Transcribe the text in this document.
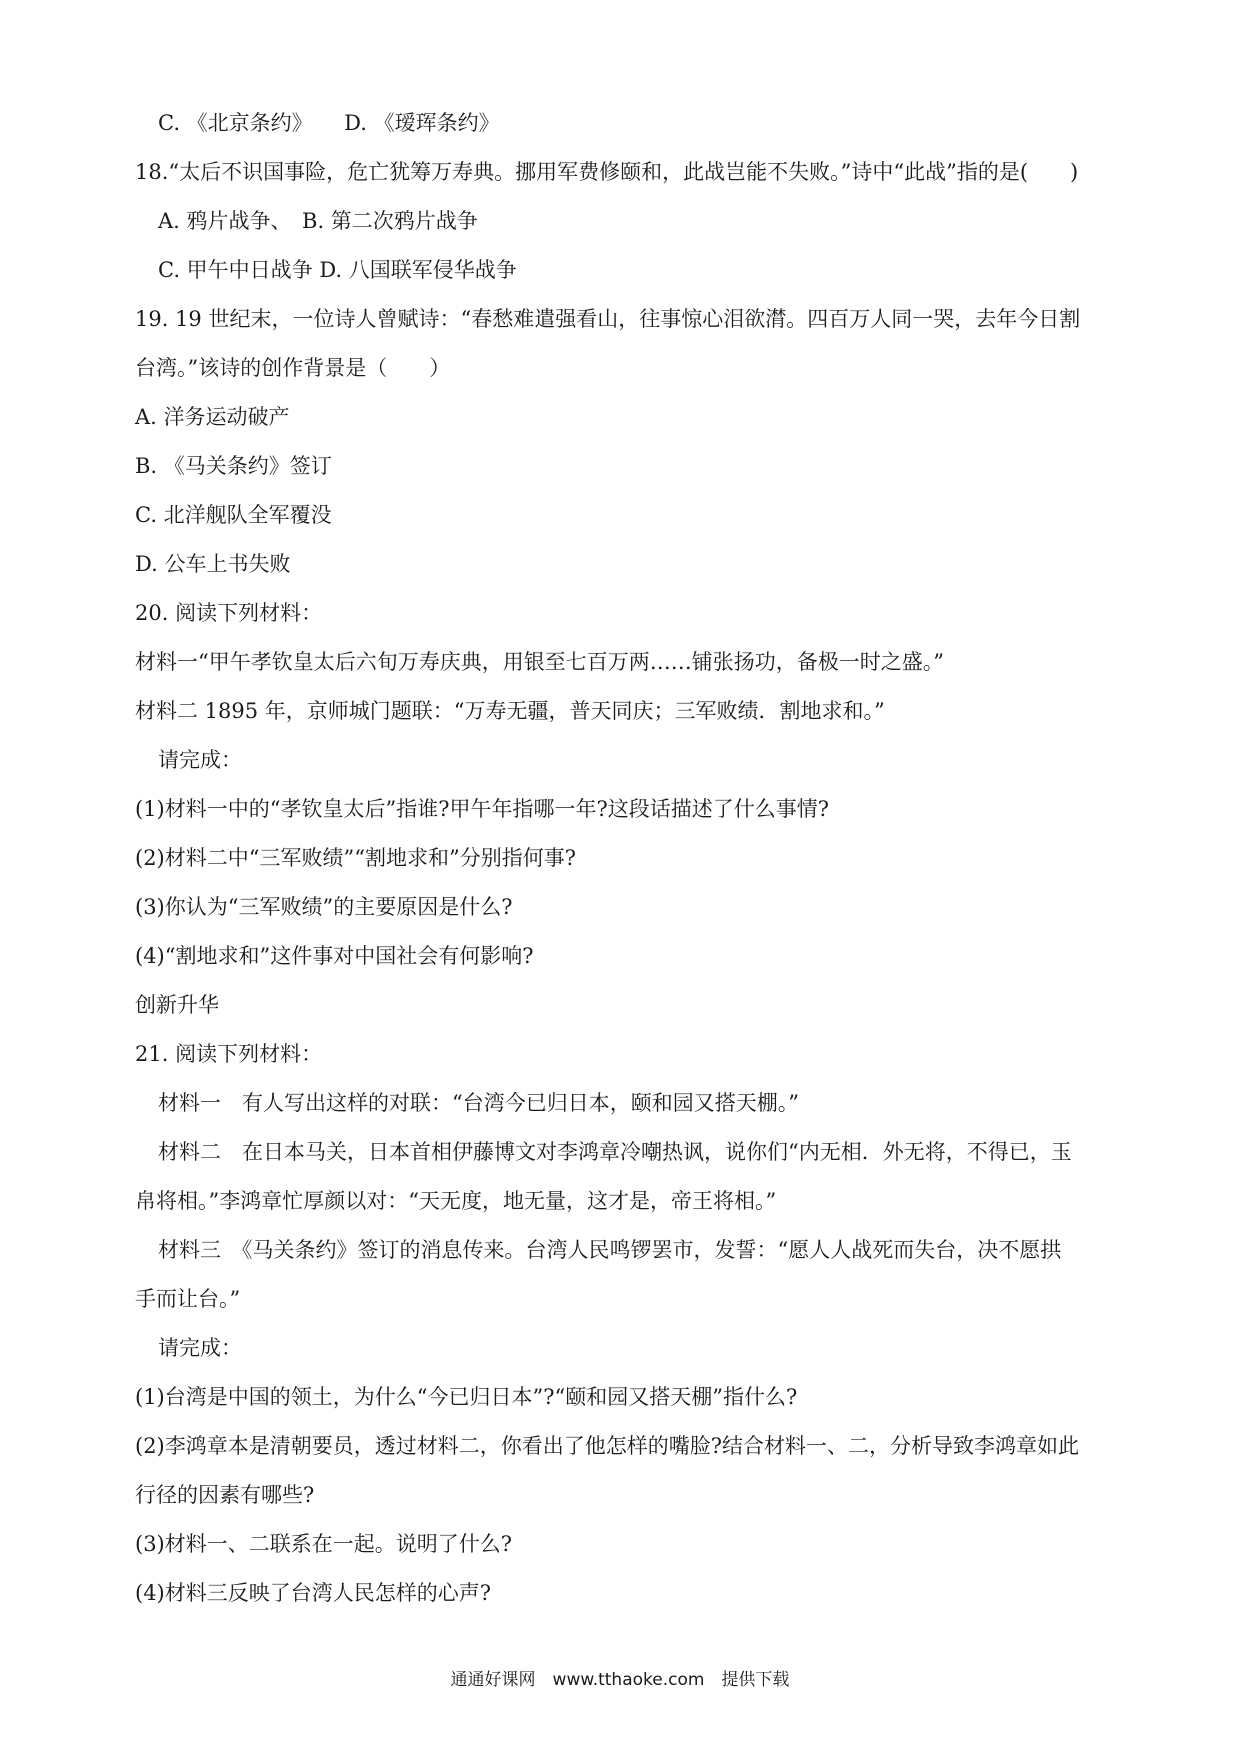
C. 《北京条约》　　D. 《瑷珲条约》
18.“太后不识国事险，危亡犹筹万寿典。挪用军费修颐和，此战岂能不失败。”诗中“此战”指的是(　　)
A. 鸦片战争、　B. 第二次鸦片战争
C. 甲午中日战争 D. 八国联军侵华战争
19. 19 世纪末，一位诗人曾赋诗：“春愁难遣强看山，往事惊心泪欲潸。四百万人同一哭，去年今日割
台湾。”该诗的创作背景是（　　）
A. 洋务运动破产
B. 《马关条约》签订
C. 北洋舰队全军覆没
D. 公车上书失败
20. 阅读下列材料：
材料一“甲午孝钦皇太后六旬万寿庆典，用银至七百万两……铺张扬功，备极一时之盛。”
材料二 1895 年，京师城门题联：“万寿无疆，普天同庆；三军败绩．割地求和。”
请完成：
(1)材料一中的“孝钦皇太后”指谁?甲午年指哪一年?这段话描述了什么事情?
(2)材料二中“三军败绩”“割地求和”分别指何事?
(3)你认为“三军败绩”的主要原因是什么?
(4)“割地求和”这件事对中国社会有何影响?
创新升华
21. 阅读下列材料：
材料一　有人写出这样的对联：“台湾今已归日本，颐和园又搭天棚。”
材料二　在日本马关，日本首相伊藤博文对李鸿章冷嘲热讽，说你们“内无相．外无将，不得已，玉
帛将相。”李鸿章忙厚颜以对：“天无度，地无量，这才是，帝王将相。”
材料三　《马关条约》签订的消息传来。台湾人民鸣锣罢市，发誓：“愿人人战死而失台，决不愿拱
手而让台。”
请完成：
(1)台湾是中国的领土，为什么“今已归日本”?“颐和园又搭天棚”指什么?
(2)李鸿章本是清朝要员，透过材料二，你看出了他怎样的嘴脸?结合材料一、二，分析导致李鸿章如此
行径的因素有哪些?
(3)材料一、二联系在一起。说明了什么?
(4)材料三反映了台湾人民怎样的心声?
通通好课网　www.tthaoke.com　提供下载
